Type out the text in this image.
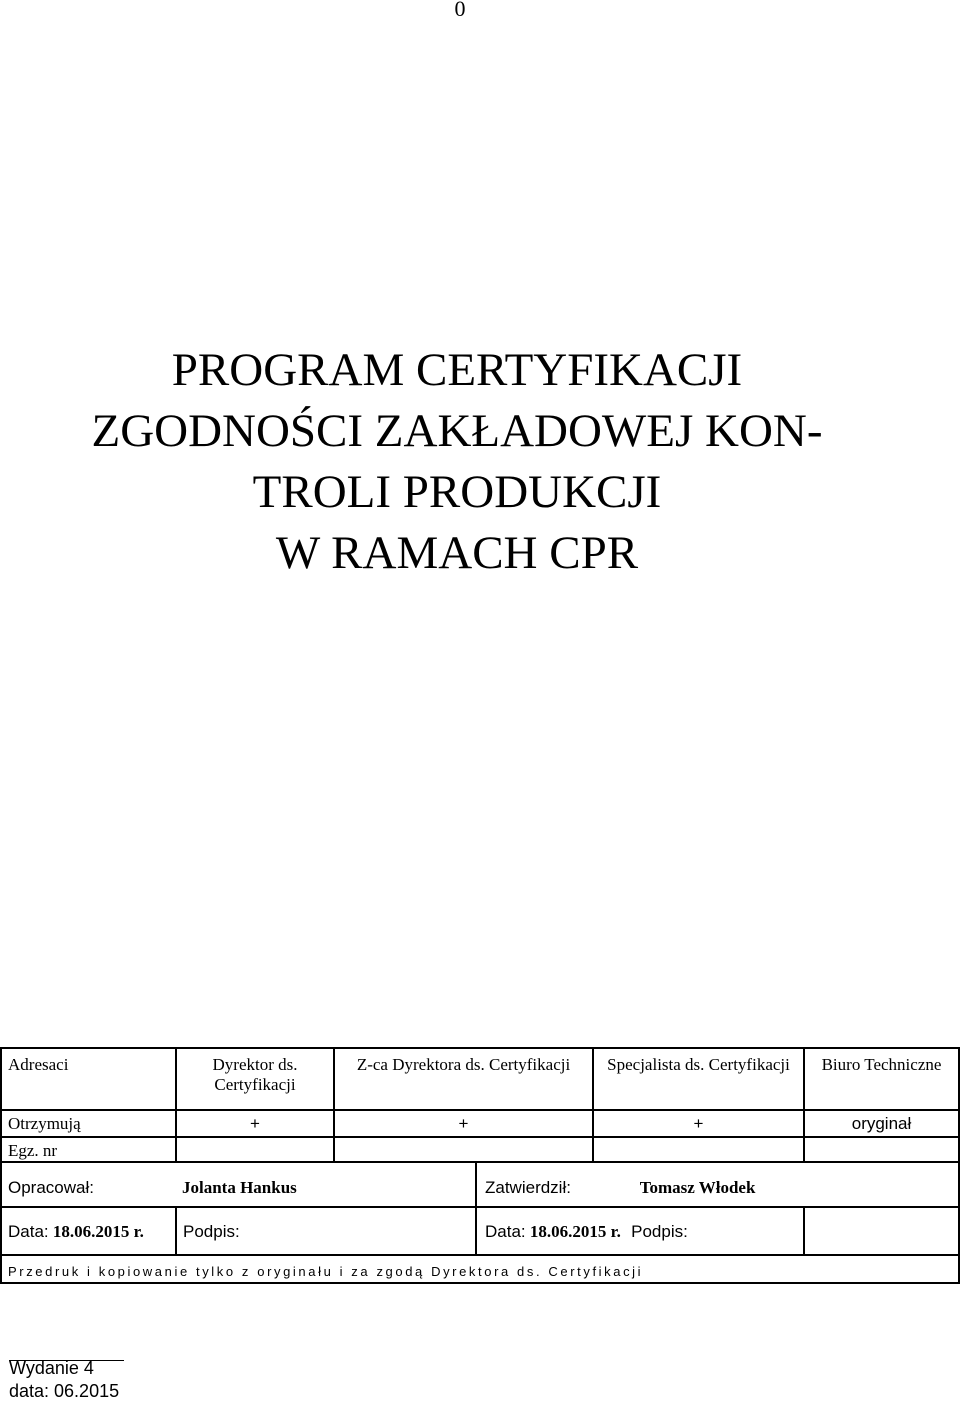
0
PROGRAM CERTYFIKACJI
ZGODNOŚCI ZAKŁADOWEJ KON-
TROLI PRODUKCJI
W RAMACH CPR
Adresaci	Dyrektor ds. Certyfikacji	Z-ca Dyrektora ds. Certyfikacji		Specjalista ds. Certyfikacji	Biuro Techniczne
Otrzymują	+	+		+	oryginał
Egz. nr					
Opracował:	Jolanta Hankus		Zatwierdził: Tomasz Włodek		
Data: 18.06.2015 r.	Podpis:		Data: 18.06.2015 r. Podpis:		
Przedruk i kopiowanie tylko z oryginału i za zgodą Dyrektora ds. Certyfikacji					
Wydanie 4
data: 06.2015
